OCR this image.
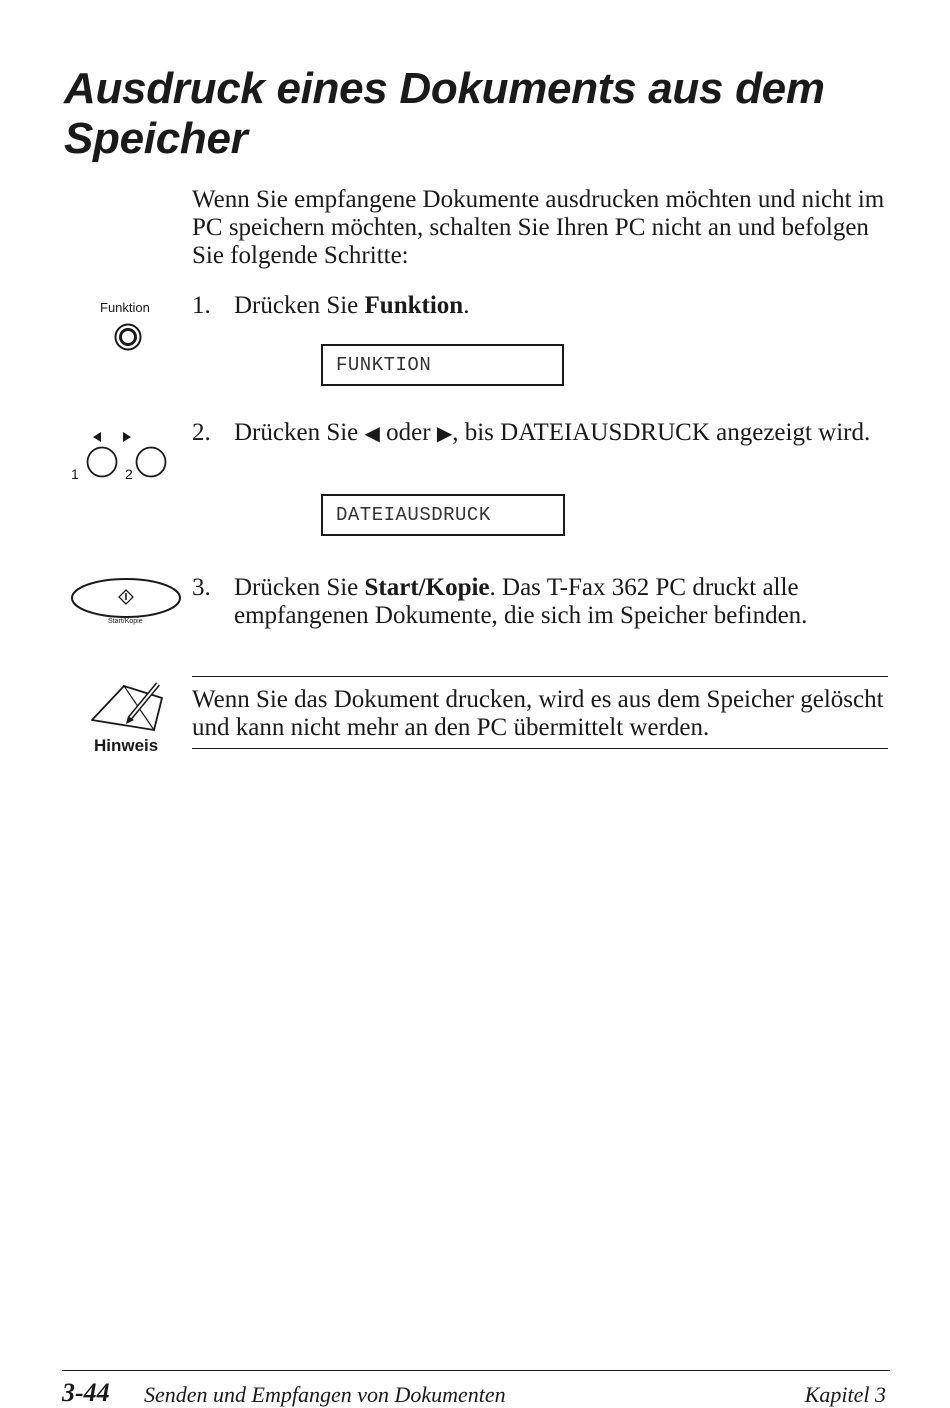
Ausdruck eines Dokuments aus dem Speicher

Wenn Sie empfangene Dokumente ausdrucken möchten und nicht im PC speichern möchten, schalten Sie Ihren PC nicht an und befolgen Sie folgende Schritte:

Funktion 1. Drücken Sie Funktion.
FUNKTION
1	2
2. Drücken Sie ◀ oder ▶, bis DATEIAUSDRUCK angezeigt wird.
DATEIAUSDRUCK
Start/Kopie
3. Drücken Sie Start/Kopie. Das T-Fax 362 PC druckt alle empfangenen Dokumente, die sich im Speicher befinden.
Hinweis
Wenn Sie das Dokument drucken, wird es aus dem Speicher gelöscht und kann nicht mehr an den PC übermittelt werden.
3-44 Senden und Empfangen von Dokumenten	Kapitel 3
